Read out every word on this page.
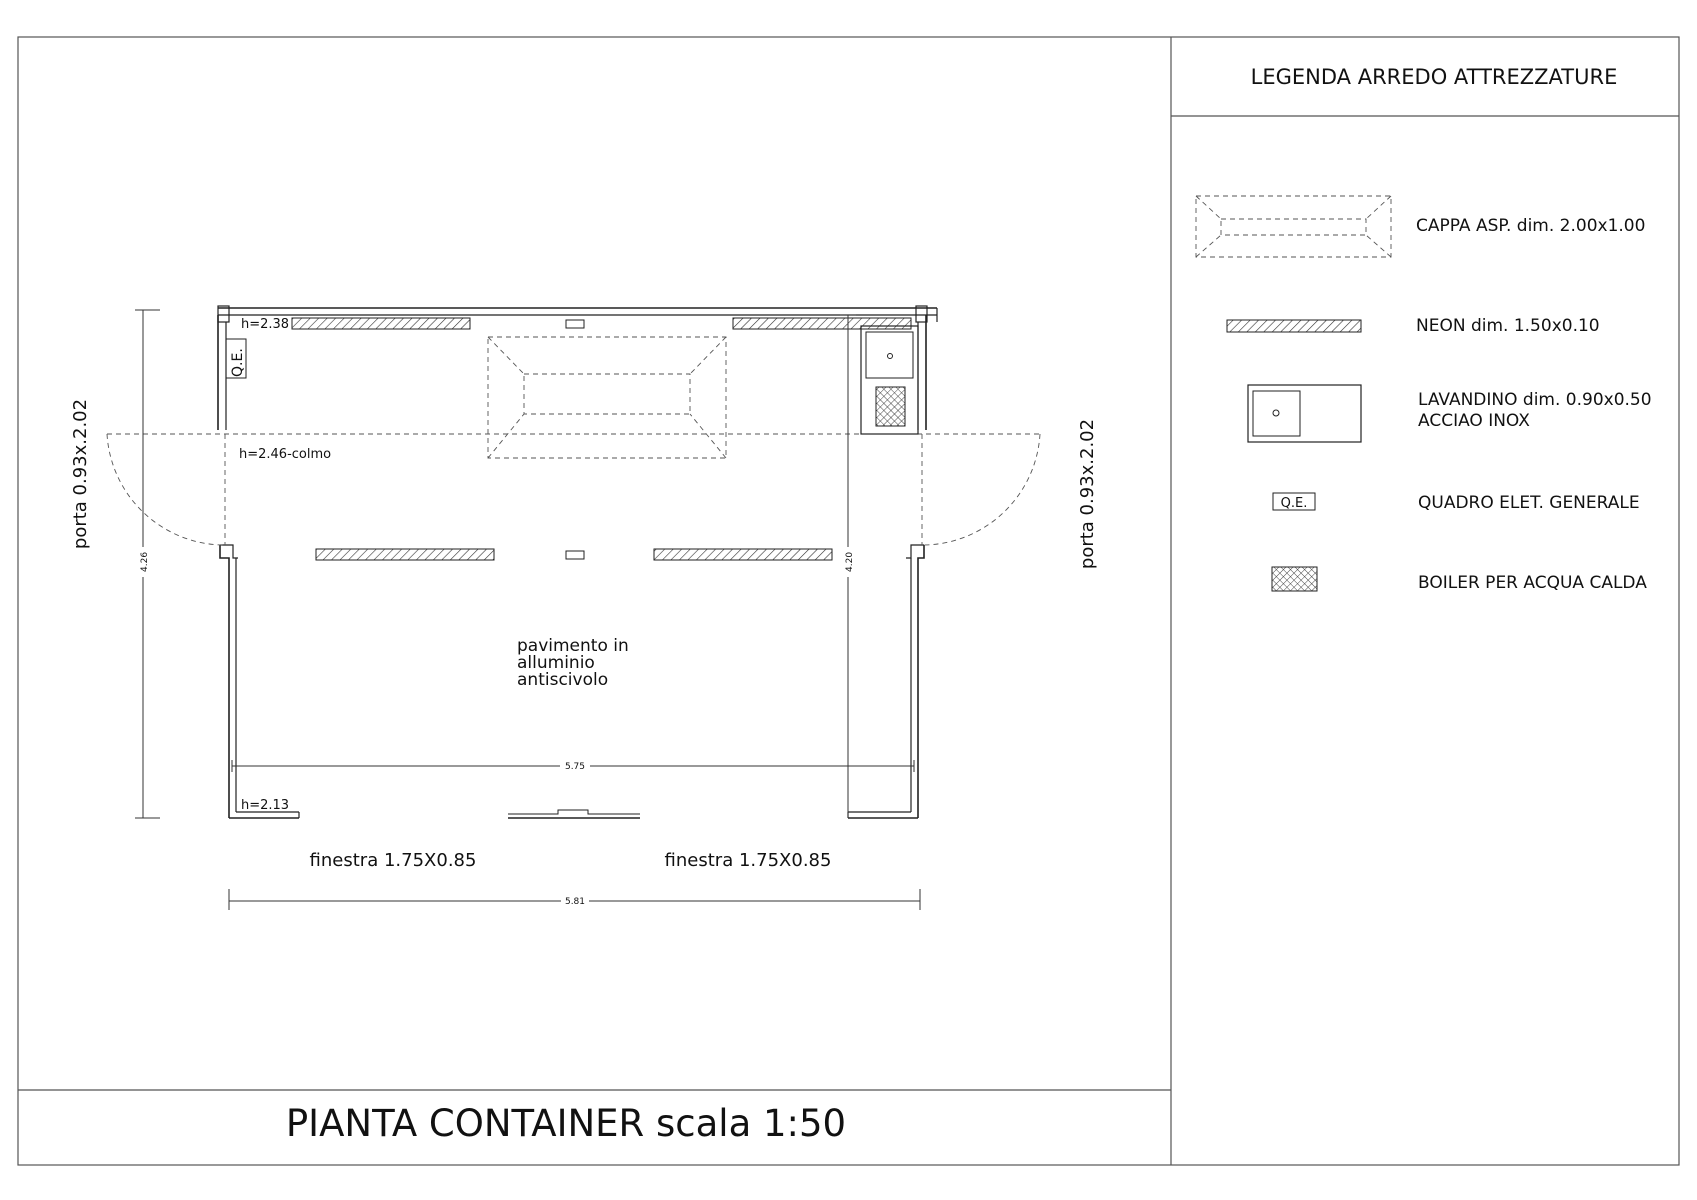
PIANTA CONTAINER scala 1:50
LEGENDA ARREDO ATTREZZATURE
CAPPA ASP. dim. 2.00x1.00
NEON dim. 1.50x0.10
LAVANDINO dim. 0.90x0.50
ACCIAO INOX
Q.E.	QUADRO ELET. GENERALE
BOILER PER ACQUA CALDA
Q.E.
4.26	4.20
5.75
5.81
h=2.38
h=2.46-colmo
h=2.13
pavimento in
alluminio
antiscivolo
porta 0.93x.2.02	porta 0.93x.2.02
finestra 1.75X0.85	finestra 1.75X0.85
